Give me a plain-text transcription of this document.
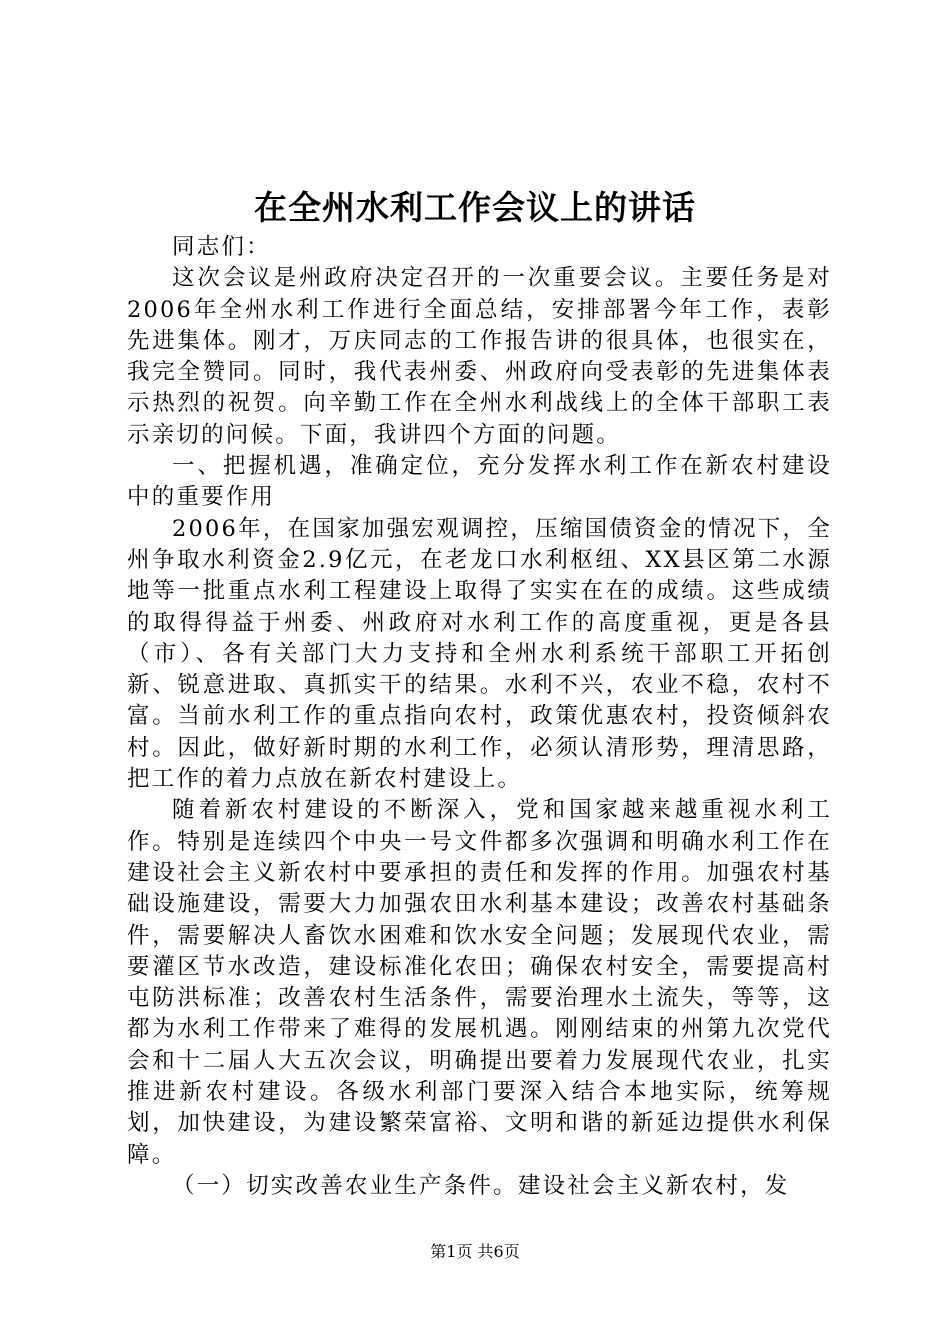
在全州水利工作会议上的讲话

同志们：

这次会议是州政府决定召开的一次重要会议。主要任务是对2006年全州水利工作进行全面总结，安排部署今年工作，表彰先进集体。刚才，万庆同志的工作报告讲的很具体，也很实在，我完全赞同。同时，我代表州委、州政府向受表彰的先进集体表示热烈的祝贺。向辛勤工作在全州水利战线上的全体干部职工表示亲切的问候。下面，我讲四个方面的问题。

一、把握机遇，准确定位，充分发挥水利工作在新农村建设中的重要作用

2006年，在国家加强宏观调控，压缩国债资金的情况下，全州争取水利资金2.9亿元，在老龙口水利枢纽、XX县区第二水源地等一批重点水利工程建设上取得了实实在在的成绩。这些成绩的取得得益于州委、州政府对水利工作的高度重视，更是各县（市）、各有关部门大力支持和全州水利系统干部职工开拓创新、锐意进取、真抓实干的结果。水利不兴，农业不稳，农村不富。当前水利工作的重点指向农村，政策优惠农村，投资倾斜农村。因此，做好新时期的水利工作，必须认清形势，理清思路，把工作的着力点放在新农村建设上。

随着新农村建设的不断深入，党和国家越来越重视水利工作。特别是连续四个中央一号文件都多次强调和明确水利工作在建设社会主义新农村中要承担的责任和发挥的作用。加强农村基础设施建设，需要大力加强农田水利基本建设；改善农村基础条件，需要解决人畜饮水困难和饮水安全问题；发展现代农业，需要灌区节水改造，建设标准化农田；确保农村安全，需要提高村屯防洪标准；改善农村生活条件，需要治理水土流失，等等，这都为水利工作带来了难得的发展机遇。刚刚结束的州第九次党代会和十二届人大五次会议，明确提出要着力发展现代农业，扎实推进新农村建设。各级水利部门要深入结合本地实际，统筹规划，加快建设，为建设繁荣富裕、文明和谐的新延边提供水利保障。

（一）切实改善农业生产条件。建设社会主义新农村，发

第1页 共6页
